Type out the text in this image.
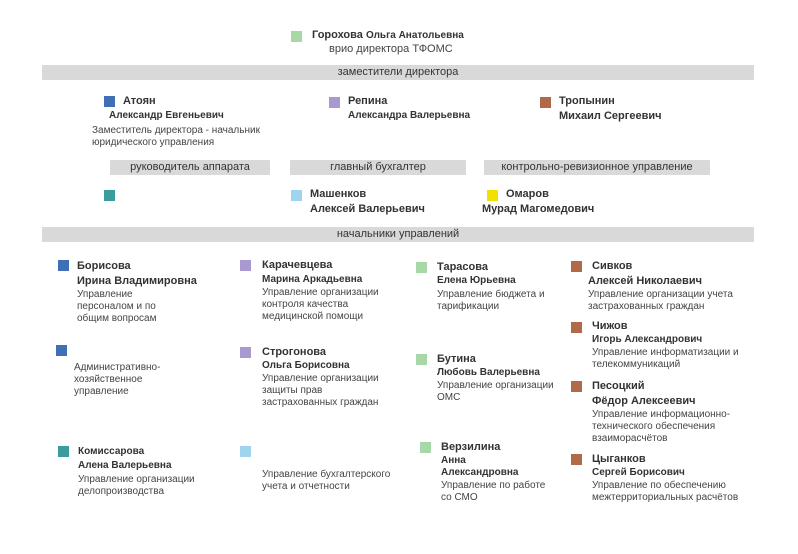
Горохова Ольга Анатольевна
врио директора ТФОМС
заместители директора
Атоян
Александр Евгеньевич
Заместитель директора - начальник юридического управления
Репина
Александра Валерьевна
Тропынин
Михаил Сергеевич
руководитель аппарата	главный бухгалтер	контрольно-ревизионное управление
Машенков
Алексей Валерьевич
Омаров
Мурад Магомедович
начальники управлений
Борисова
Ирина Владимировна
Управление персоналом и по общим вопросам
Административно-хозяйственное управление
Комиссарова
Алена Валерьевна
Управление организации делопроизводства
Карачевцева
Марина Аркадьевна
Управление организации контроля качества медицинской помощи
Строгонова
Ольга Борисовна
Управление организации защиты прав застрахованных граждан
Управление бухгалтерского учета и отчетности
Тарасова
Елена Юрьевна
Управление бюджета и тарификации
Бутина
Любовь Валерьевна
Управление организации ОМС
Верзилина
Анна
Александровна
Управление по работе со СМО
Сивков
Алексей Николаевич
Управление организации учета застрахованных граждан
Чижов
Игорь Александрович
Управление информатизации и телекоммуникаций
Песоцкий
Фёдор Алексеевич
Управление информационно-технического обеспечения взаиморасчётов
Цыганков
Сергей Борисович
Управление по обеспечению межтерриториальных расчётов
